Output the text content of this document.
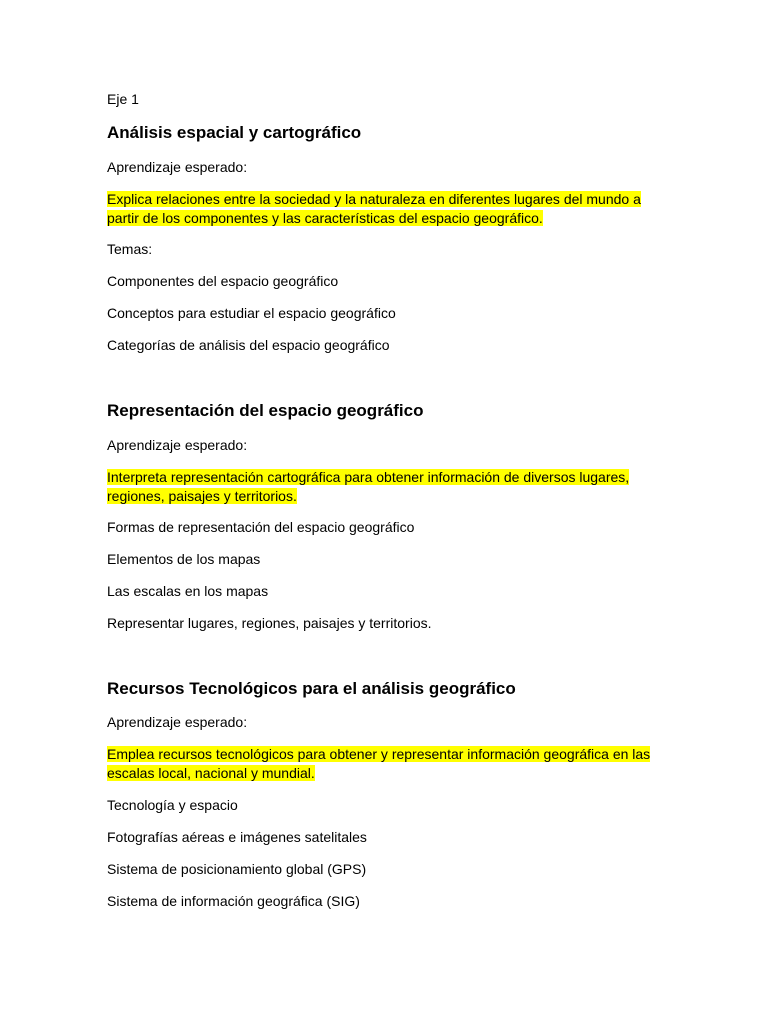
Eje 1

Análisis espacial y cartográfico

Aprendizaje esperado:

Explica relaciones entre la sociedad y la naturaleza en diferentes lugares del mundo a
partir de los componentes y las características del espacio geográfico.

Temas:

Componentes del espacio geográfico

Conceptos para estudiar el espacio geográfico

Categorías de análisis del espacio geográfico

Representación del espacio geográfico

Aprendizaje esperado:

Interpreta representación cartográfica para obtener información de diversos lugares,
regiones, paisajes y territorios.

Formas de representación del espacio geográfico

Elementos de los mapas

Las escalas en los mapas

Representar lugares, regiones, paisajes y territorios.

Recursos Tecnológicos para el análisis geográfico

Aprendizaje esperado:

Emplea recursos tecnológicos para obtener y representar información geográfica en las
escalas local, nacional y mundial.

Tecnología y espacio

Fotografías aéreas e imágenes satelitales

Sistema de posicionamiento global (GPS)

Sistema de información geográfica (SIG)
